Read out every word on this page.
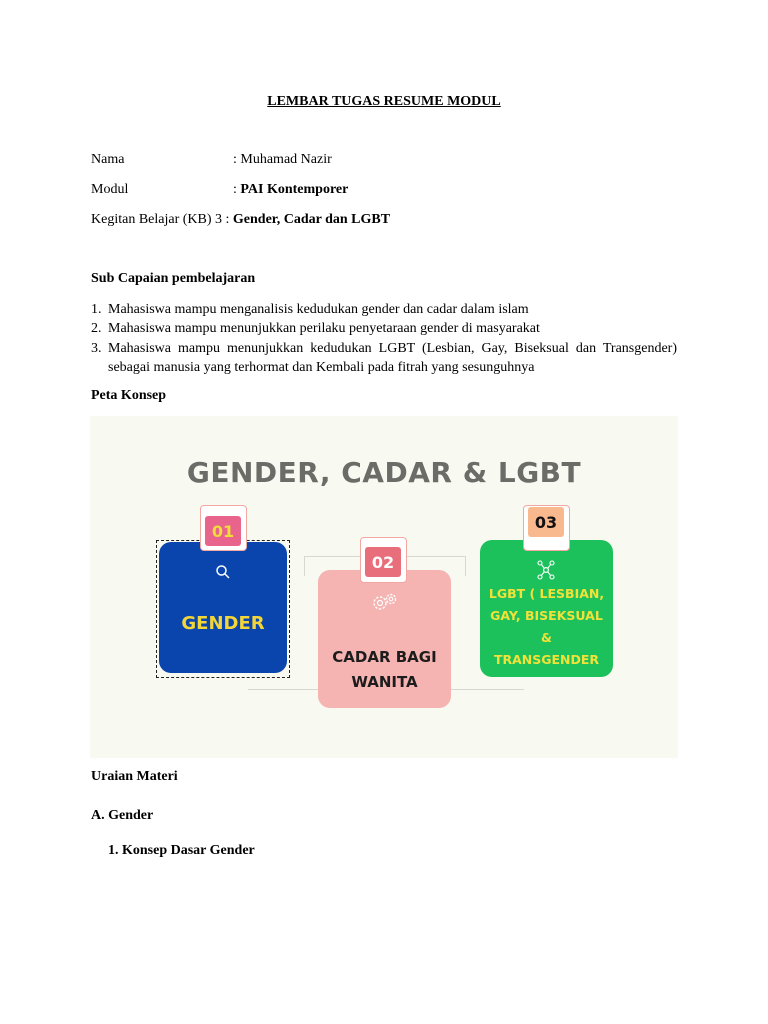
LEMBAR TUGAS RESUME MODUL

Nama	: Muhamad Nazir

Modul	: PAI Kontemporer

Kegitan Belajar (KB) 3 : Gender, Cadar dan LGBT

Sub Capaian pembelajaran

1. Mahasiswa mampu menganalisis kedudukan gender dan cadar dalam islam
2. Mahasiswa mampu menunjukkan perilaku penyetaraan gender di masyarakat
3. Mahasiswa mampu menunjukkan kedudukan LGBT (Lesbian, Gay, Biseksual dan Transgender) sebagai manusia yang terhormat dan Kembali pada fitrah yang sesunguhnya

Peta Konsep

GENDER, CADAR & LGBT
01
GENDER
02
CADAR BAGI
WANITA
03
LGBT ( LESBIAN,
GAY, BISEKSUAL
&
TRANSGENDER

Uraian Materi

A. Gender

1. Konsep Dasar Gender
